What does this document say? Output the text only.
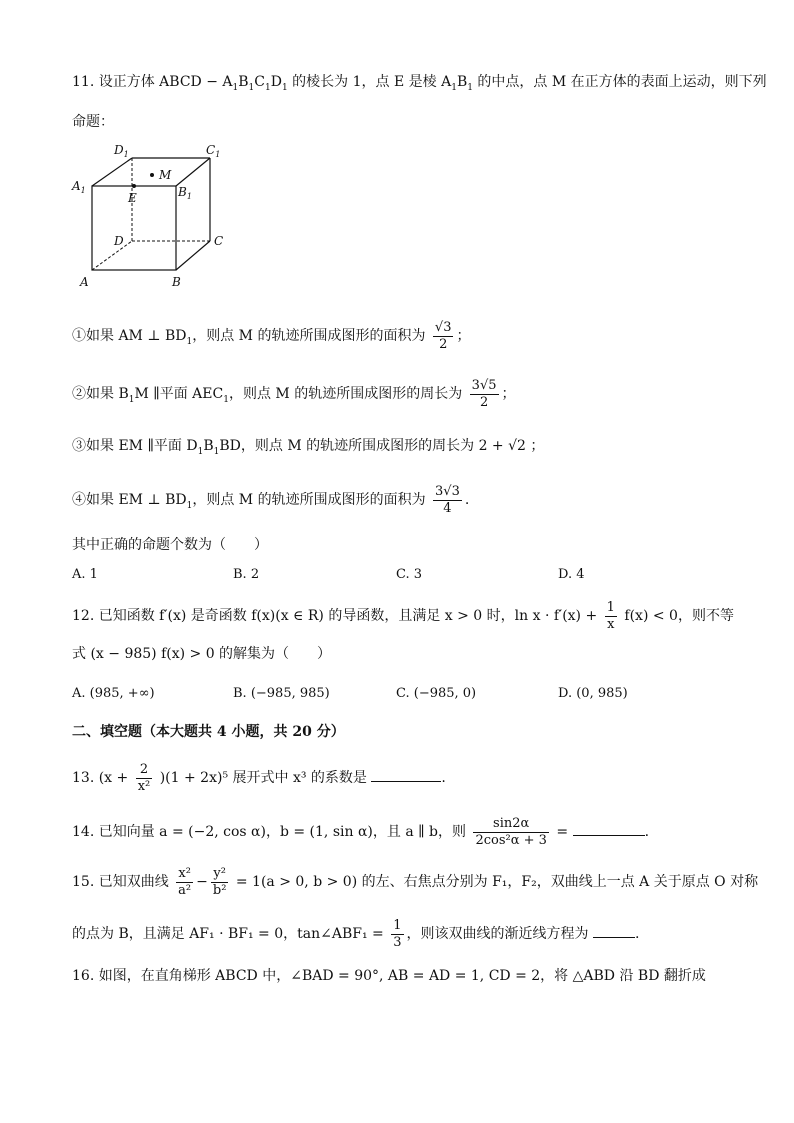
11. 设正方体 ABCD − $A_1B_1C_1D_1$ 的棱长为 1，点 E 是棱 $A_1B_1$ 的中点，点 M 在正方体的表面上运动，则下列
命题：
$D_1$	$C_1$
$A_1$	$B_1$
M
E
D	C
A	B
①如果 AM ⊥ $BD_1$，则点 M 的轨迹所围成图形的面积为 $\frac{√3}{2}$ ；
②如果 $B_1M$ ∥平面 $AEC_1$，则点 M 的轨迹所围成图形的周长为 $\frac{3√5}{2}$ ；
③如果 EM ∥平面 $D_1B_1BD$，则点 M 的轨迹所围成图形的周长为 2 + √2 ；
④如果 EM ⊥ $BD_1$，则点 M 的轨迹所围成图形的面积为 $\frac{3√3}{4}$ .
其中正确的命题个数为（　　）
A. 1	B. 2	C. 3	D. 4
12. 已知函数 f′(x) 是奇函数 f(x)(x ∈ R) 的导函数，且满足 x > 0 时，$\ln x \cdot f'(x) + \frac{1}{x} f(x) < 0$，则不等
式 (x − 985) f(x) > 0 的解集为（　　）
A. (985, +∞)	B. (−985, 985)	C. (−985, 0)	D. (0, 985)
二、填空题（本大题共 4 小题，共 20 分）
13. $(x + \frac{2}{\text{x²}} )(1 + 2x)^5$ 展开式中 x³ 的系数是	.
14. 已知向量 a = (−2, cos α)，b = (1, sin α)，且 a ∥ b，则 $\frac{\sin 2\alpha}{\text{2cos²α + 3}}$ =	.
15. 已知双曲线 $\frac{\text{x²}}{\text{a²}} - \frac{\text{y²}}{\text{b²}} = 1(a > 0$, b > 0) 的左、右焦点分别为 F₁，F₂，双曲线上一点 A 关于原点 O 对称
的点为 B，且满足 AF₁ · BF₁ = 0，tan∠ABF₁ = $\frac{1}{3}$ ，则该双曲线的渐近线方程为	.
16. 如图，在直角梯形 ABCD 中，∠BAD = 90°, AB = AD = 1, CD = 2，将 △ABD 沿 BD 翻折成
